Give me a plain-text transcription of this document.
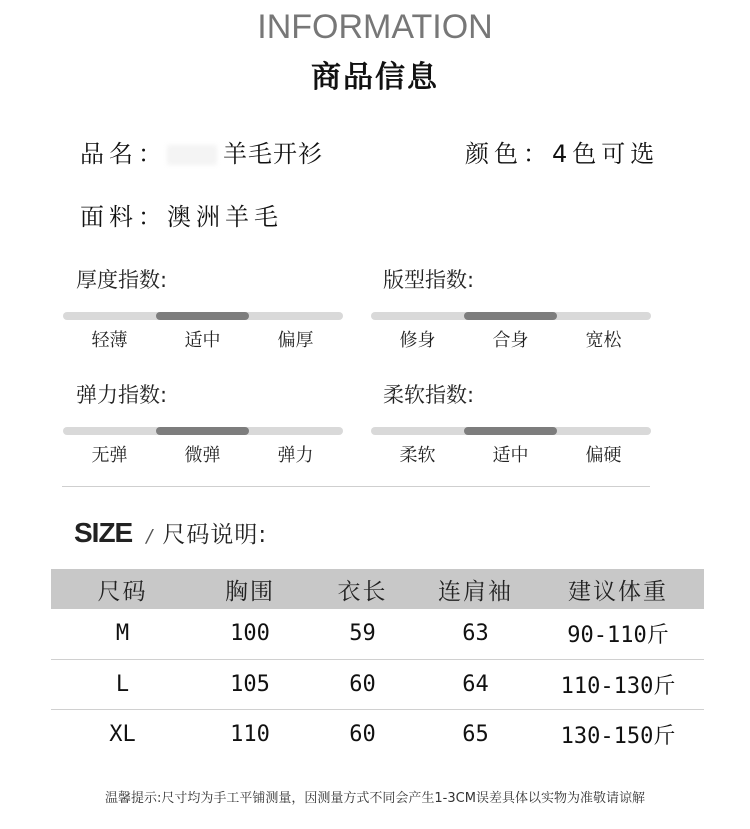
INFORMATION
商品信息
品名： 羊毛开衫	颜色：4色可选
面料：澳洲羊毛
厚度指数:
轻薄	适中	偏厚
版型指数:
修身	合身	宽松
弹力指数:
无弹	微弹	弹力
柔软指数:
柔软	适中	偏硬
SIZE / 尺码说明:
尺码	胸围	衣长	连肩袖	建议体重
M	100	59	63	90-110斤
L	105	60	64	110-130斤
XL	110	60	65	130-150斤
温馨提示:尺寸均为手工平铺测量，因测量方式不同会产生1-3CM误差具体以实物为准敬请谅解
